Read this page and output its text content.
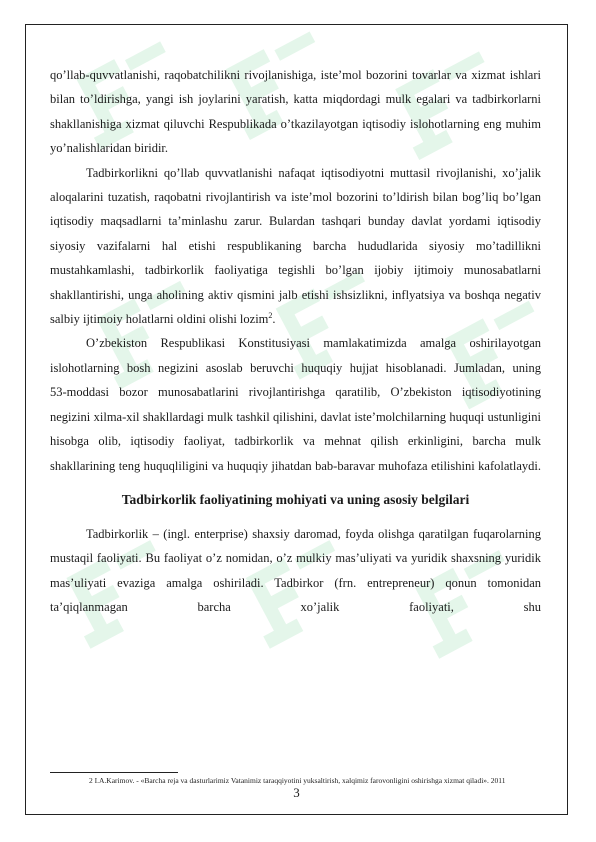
qo’llab-quvvatlanishi, raqobatchilikni rivojlanishiga, iste’mol bozorini tovarlar va xizmat ishlari bilan to’ldirishga, yangi ish joylarini yaratish, katta miqdordagi mulk egalari va tadbirkorlarni shakllanishiga xizmat qiluvchi Respublikada o’tkazilayotgan iqtisodiy islohotlarning eng muhim yo’nalishlaridan biridir.

Tadbirkorlikni qo’llab quvvatlanishi nafaqat iqtisodiyotni muttasil rivojlanishi, xo’jalik aloqalarini tuzatish, raqobatni rivojlantirish va iste’mol bozorini to’ldirish bilan bog’liq bo’lgan iqtisodiy maqsadlarni ta’minlashu zarur. Bulardan tashqari bunday davlat yordami iqtisodiy siyosiy vazifalarni hal etishi respublikaning barcha hududlarida siyosiy mo’tadillikni mustahkamlashi, tadbirkorlik faoliyatiga tegishli bo’lgan ijobiy ijtimoiy munosabatlarni shakllantirishi, unga aholining aktiv qismini jalb etishi ishsizlikni, inflyatsiya va boshqa negativ salbiy ijtimoiy holatlarni oldini olishi lozim$^2$.

O’zbekiston Respublikasi Konstitusiyasi mamlakatimizda amalga oshirilayotgan islohotlarning bosh negizini asoslab beruvchi huquqiy hujjat hisoblanadi. Jumladan, uning

53-moddasi bozor munosabatlarini rivojlantirishga qaratilib, O’zbekiston iqtisodiyotining negizini xilma-xil shakllardagi mulk tashkil qilishini, davlat iste’molchilarning huquqi ustunligini hisobga olib, iqtisodiy faoliyat, tadbirkorlik va mehnat qilish erkinligini, barcha mulk shakllarining teng huquqliligini va huquqiy jihatdan bab-baravar muhofaza etilishini kafolatlaydi.

Tadbirkorlik faoliyatining mohiyati va uning asosiy belgilari

Tadbirkorlik – (ingl. enterprise) shaxsiy daromad, foyda olishga qaratilgan fuqarolarning mustaqil faoliyati. Bu faoliyat o’z nomidan, o’z mulkiy mas’uliyati va yuridik shaxsning yuridik mas’uliyati evaziga amalga oshiriladi. Tadbirkor (frn. entrepreneur) qonun tomonidan ta’qiqlanmagan barcha xo’jalik faoliyati, shu

2 I.A.Karimov. - «Barcha reja va dasturlarimiz Vatanimiz taraqqiyotini yuksaltirish, xalqimiz farovonligini oshirishga xizmat qiladi». 2011
3
